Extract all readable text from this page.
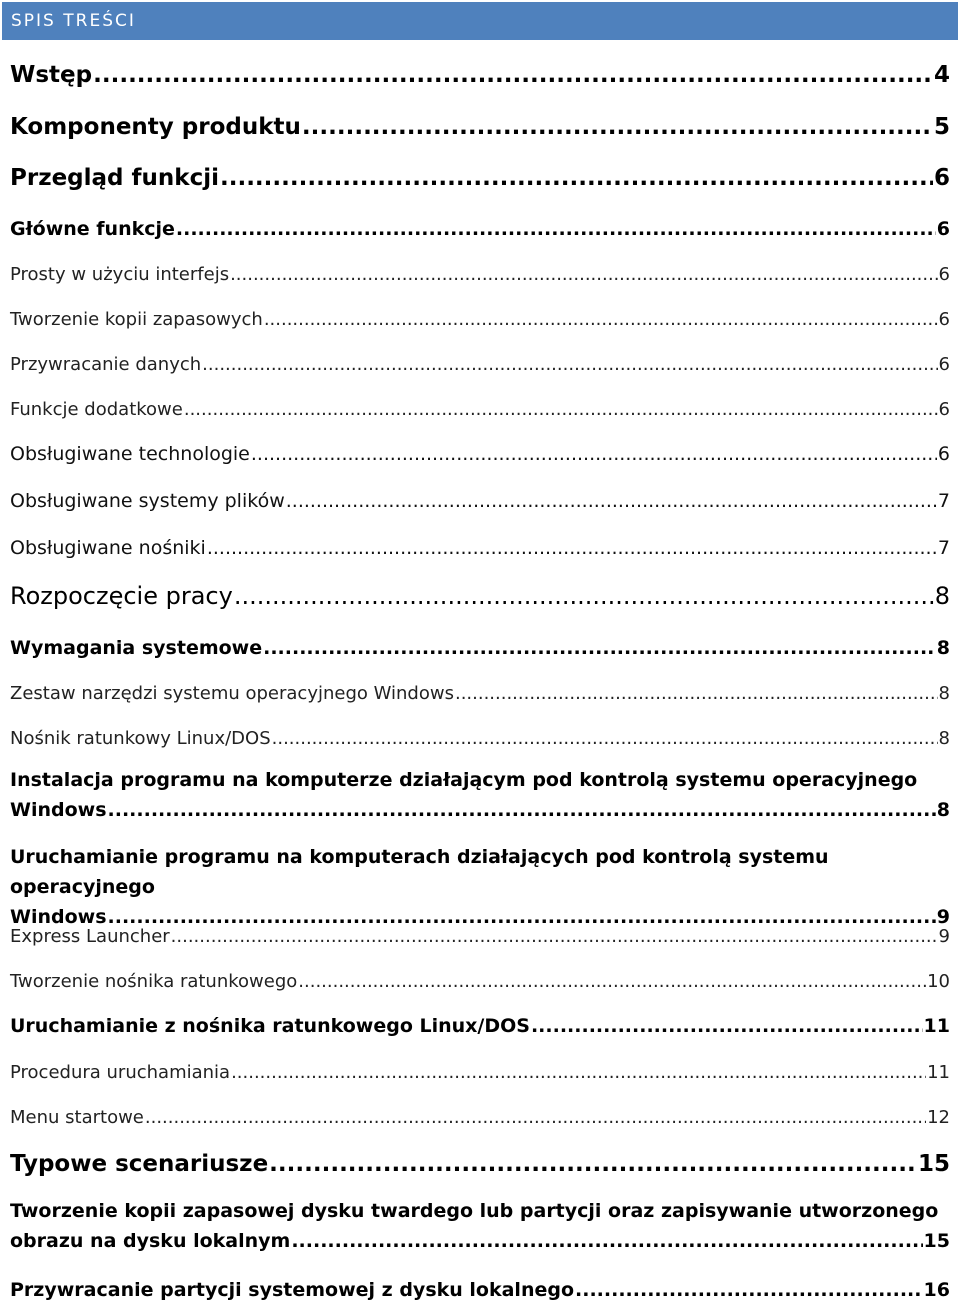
SPIS TREŚCI
Wstęp .....	4
Komponenty produktu .....	5
Przegląd funkcji .....	6
Główne funkcje .....	6
Prosty w użyciu interfejs .....	6
Tworzenie kopii zapasowych .....	6
Przywracanie danych .....	6
Funkcje dodatkowe .....	6
Obsługiwane technologie .....	6
Obsługiwane systemy plików .....	7
Obsługiwane nośniki .....	7
Rozpoczęcie pracy .....	8
Wymagania systemowe .....	8
Zestaw narzędzi systemu operacyjnego Windows .....	8
Nośnik ratunkowy Linux/DOS .....	8
Instalacja programu na komputerze działającym pod kontrolą systemu operacyjnego
Windows .....	8
Uruchamianie programu na komputerach działających pod kontrolą systemu operacyjnego
Windows .....	9
Express Launcher .....	9
Tworzenie nośnika ratunkowego .....	10
Uruchamianie z nośnika ratunkowego Linux/DOS .....	11
Procedura uruchamiania .....	11
Menu startowe .....	12
Typowe scenariusze .....	15
Tworzenie kopii zapasowej dysku twardego lub partycji oraz zapisywanie utworzonego
obrazu na dysku lokalnym .....	15
Przywracanie partycji systemowej z dysku lokalnego .....	16
